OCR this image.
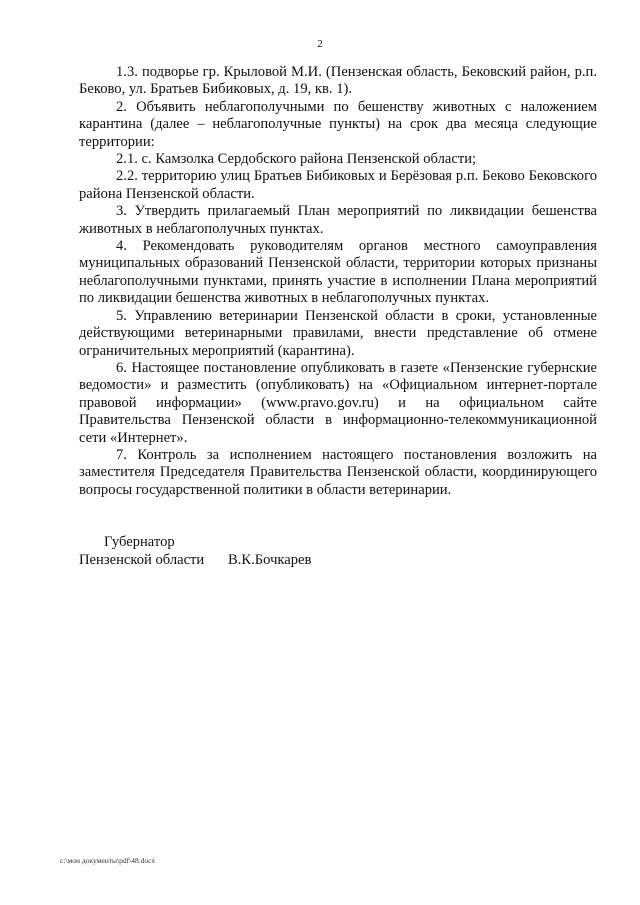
2

1.3. подворье гр. Крыловой М.И. (Пензенская область, Бековский район, р.п. Беково, ул. Братьев Бибиковых, д. 19, кв. 1).

2. Объявить неблагополучными по бешенству животных с наложением карантина (далее – неблагополучные пункты) на срок два месяца следующие территории:

2.1. с. Камзолка Сердобского района Пензенской области;

2.2. территорию улиц Братьев Бибиковых и Берёзовая р.п. Беково Бековского района Пензенской области.

3. Утвердить прилагаемый План мероприятий по ликвидации бешенства животных в неблагополучных пунктах.

4. Рекомендовать руководителям органов местного самоуправления муниципальных образований Пензенской области, территории которых признаны неблагополучными пунктами, принять участие в исполнении Плана мероприятий по ликвидации бешенства животных в неблагополучных пунктах.

5. Управлению ветеринарии Пензенской области в сроки, установленные действующими ветеринарными правилами, внести представление об отмене ограничительных мероприятий (карантина).

6. Настоящее постановление опубликовать в газете «Пензенские губернские ведомости» и разместить (опубликовать) на «Официальном интернет-портале правовой информации» (www.pravo.gov.ru) и на официальном сайте Правительства Пензенской области в информационно-телекоммуникационной сети «Интернет».

7. Контроль за исполнением настоящего постановления возложить на заместителя Председателя Правительства Пензенской области, координирующего вопросы государственной политики в области ветеринарии.

Губернатор
Пензенской области В.К.Бочкарев
c:\мои документы\pdf\48.docx
